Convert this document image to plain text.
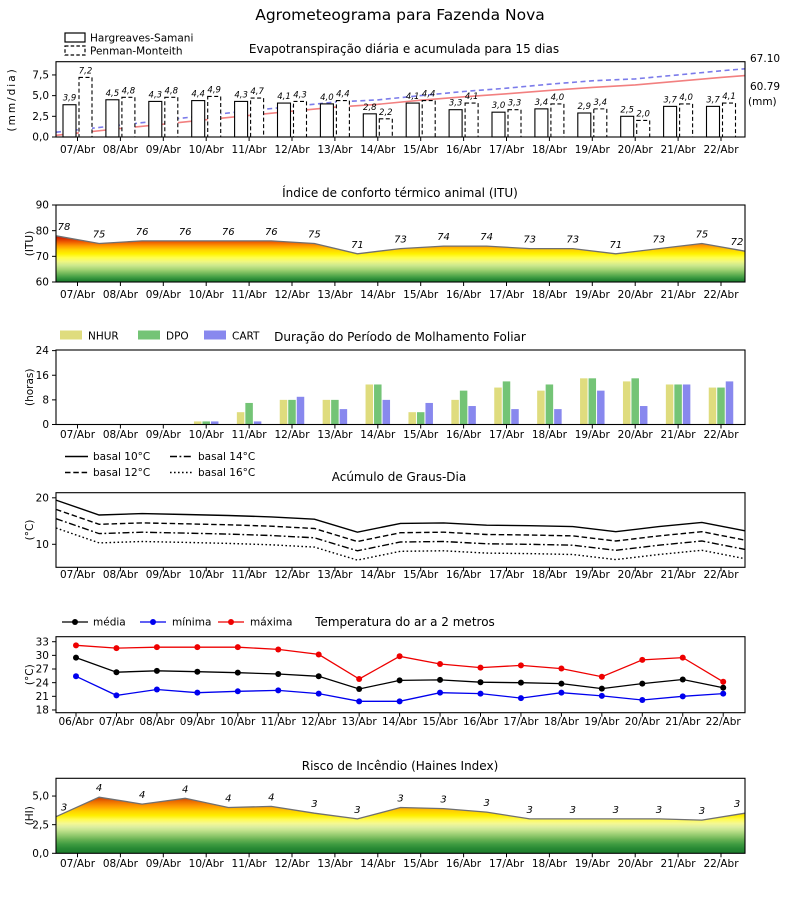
Agrometeograma para Fazenda Nova
3,9
7,2
4,5 4,8 4,3 4,8 4,4 4,9 4,3 4,7 4,1 4,3 4,0 4,4
2,8 2,2
4,1 4,4
3,3
4,1
3,0 3,3 3,4 4,0
2,9 3,4
2,5 2,0
3,7 4,0 3,7 4,1
67.10
60.79
(mm)
0,0
2,5
5,0
7,5
07/Abr 08/Abr 09/Abr 10/Abr 11/Abr 12/Abr 13/Abr 14/Abr 15/Abr 16/Abr 17/Abr 18/Abr 19/Abr 20/Abr 21/Abr 22/Abr
(mm/dia)
Evapotranspiração diária e acumulada para 15 dias
Hargreaves-Samani
Penman-Monteith
78
75	76	76	76	76	75
71	73	74	74	73	73	71	73	75
72
60
70
80
90
07/Abr 08/Abr 09/Abr 10/Abr 11/Abr 12/Abr 13/Abr 14/Abr 15/Abr 16/Abr 17/Abr 18/Abr 19/Abr 20/Abr 21/Abr 22/Abr
(ITU)
Índice de conforto térmico animal (ITU)
0
8
16
24
07/Abr 08/Abr 09/Abr 10/Abr 11/Abr 12/Abr 13/Abr 14/Abr 15/Abr 16/Abr 17/Abr 18/Abr 19/Abr 20/Abr 21/Abr 22/Abr
(horas)
Duração do Período de Molhamento Foliar
NHUR	DPO	CART
10
20
07/Abr 08/Abr 09/Abr 10/Abr 11/Abr 12/Abr 13/Abr 14/Abr 15/Abr 16/Abr 17/Abr 18/Abr 19/Abr 20/Abr 21/Abr 22/Abr
(°C)
Acúmulo de Graus-Dia
basal 10°C
basal 12°C
basal 14°C
basal 16°C
18
21
24
27
30
33
06/Abr 07/Abr 08/Abr 09/Abr 10/Abr 11/Abr 12/Abr 13/Abr 14/Abr 15/Abr 16/Abr 17/Abr 18/Abr 19/Abr 20/Abr 21/Abr 22/Abr
(°C)
Temperatura do ar a 2 metros
média	mínima	máxima
3
4
4
4
4	4
3
3
3	3	3
3	3	3	3	3
3
0,0
2,5
5,0
07/Abr 08/Abr 09/Abr 10/Abr 11/Abr 12/Abr 13/Abr 14/Abr 15/Abr 16/Abr 17/Abr 18/Abr 19/Abr 20/Abr 21/Abr 22/Abr
(HI)
Risco de Incêndio (Haines Index)
